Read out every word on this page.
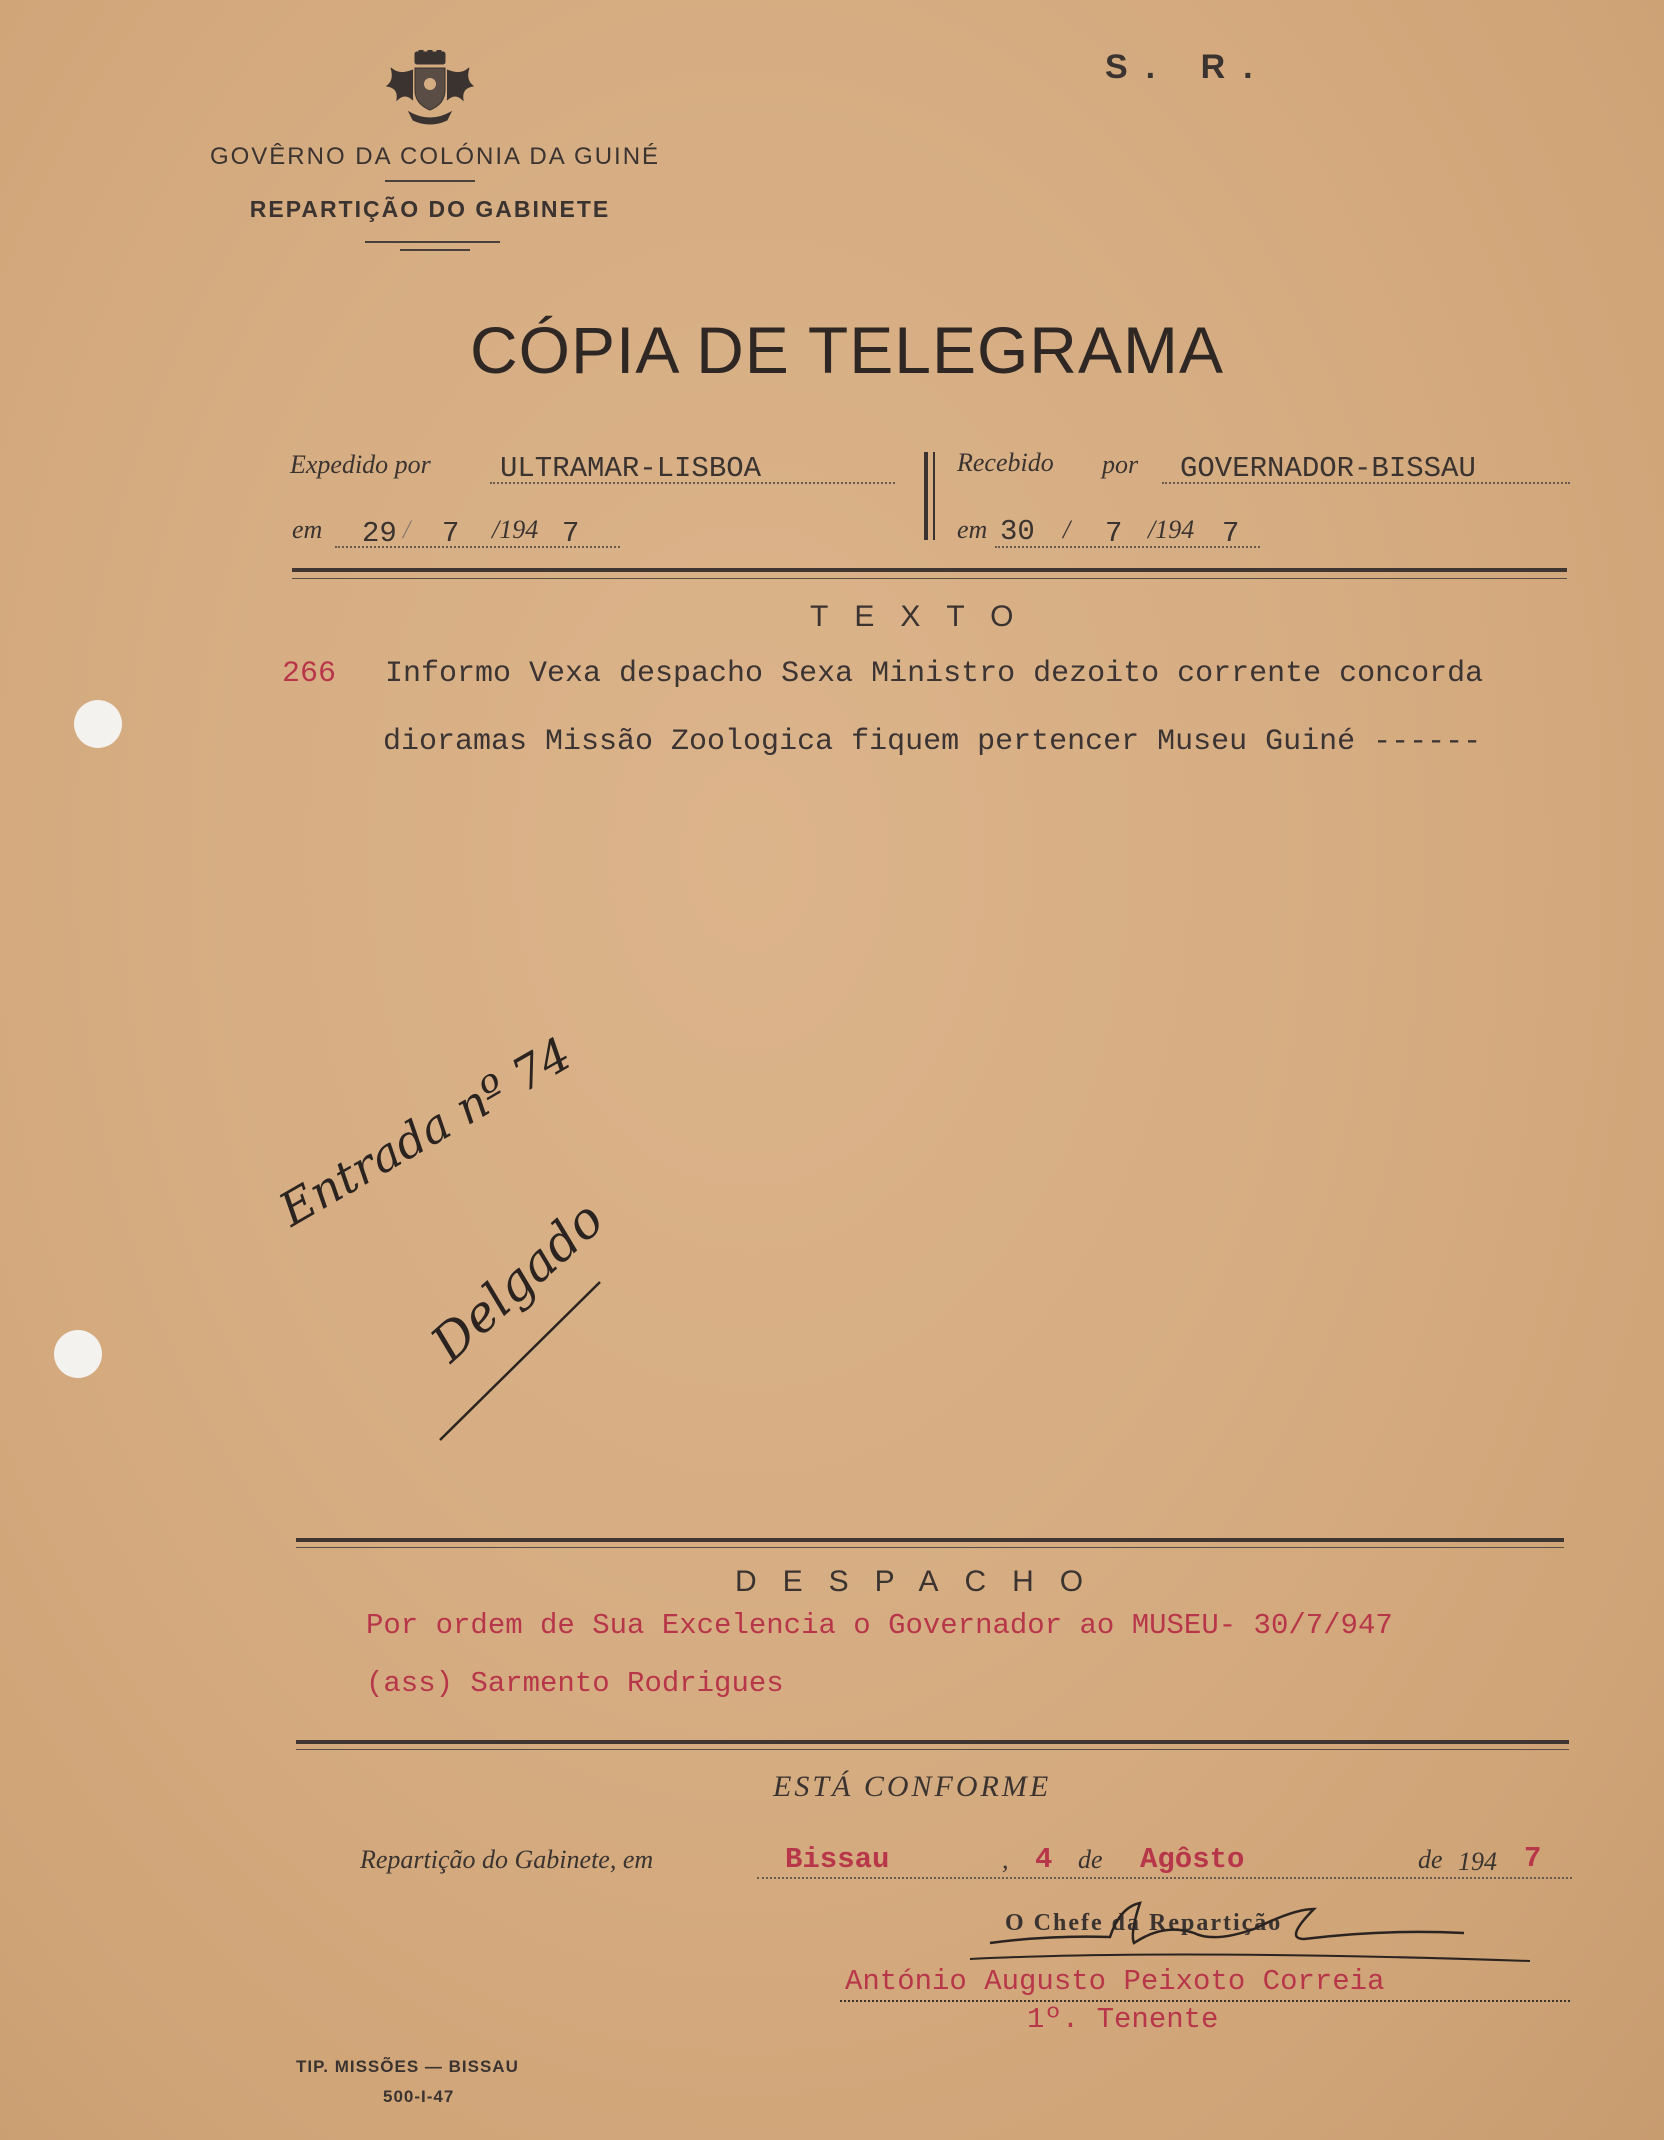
S. R.
GOVÊRNO DA COLÓNIA DA GUINÉ
REPARTIÇÃO DO GABINETE
CÓPIA DE TELEGRAMA
Expedido por ULTRAMAR-LISBOA
em 29 / 7 /194 7
Recebido por GOVERNADOR-BISSAU
em 30 / 7 /194 7
TEXTO
266 Informo Vexa despacho Sexa Ministro dezoito corrente concorda
dioramas Missão Zoologica fiquem pertencer Museu Guiné ------
Entrada nº 74
Delgado
DESPACHO
Por ordem de Sua Excelencia o Governador ao MUSEU- 30/7/947
(ass) Sarmento Rodrigues
ESTÁ CONFORME
Repartição do Gabinete, em	Bissau	, 4 de Agôsto	de 194 7
O Chefe da Repartição
António Augusto Peixoto Correia
1º. Tenente
TIP. MISSÕES — BISSAU
500-I-47
